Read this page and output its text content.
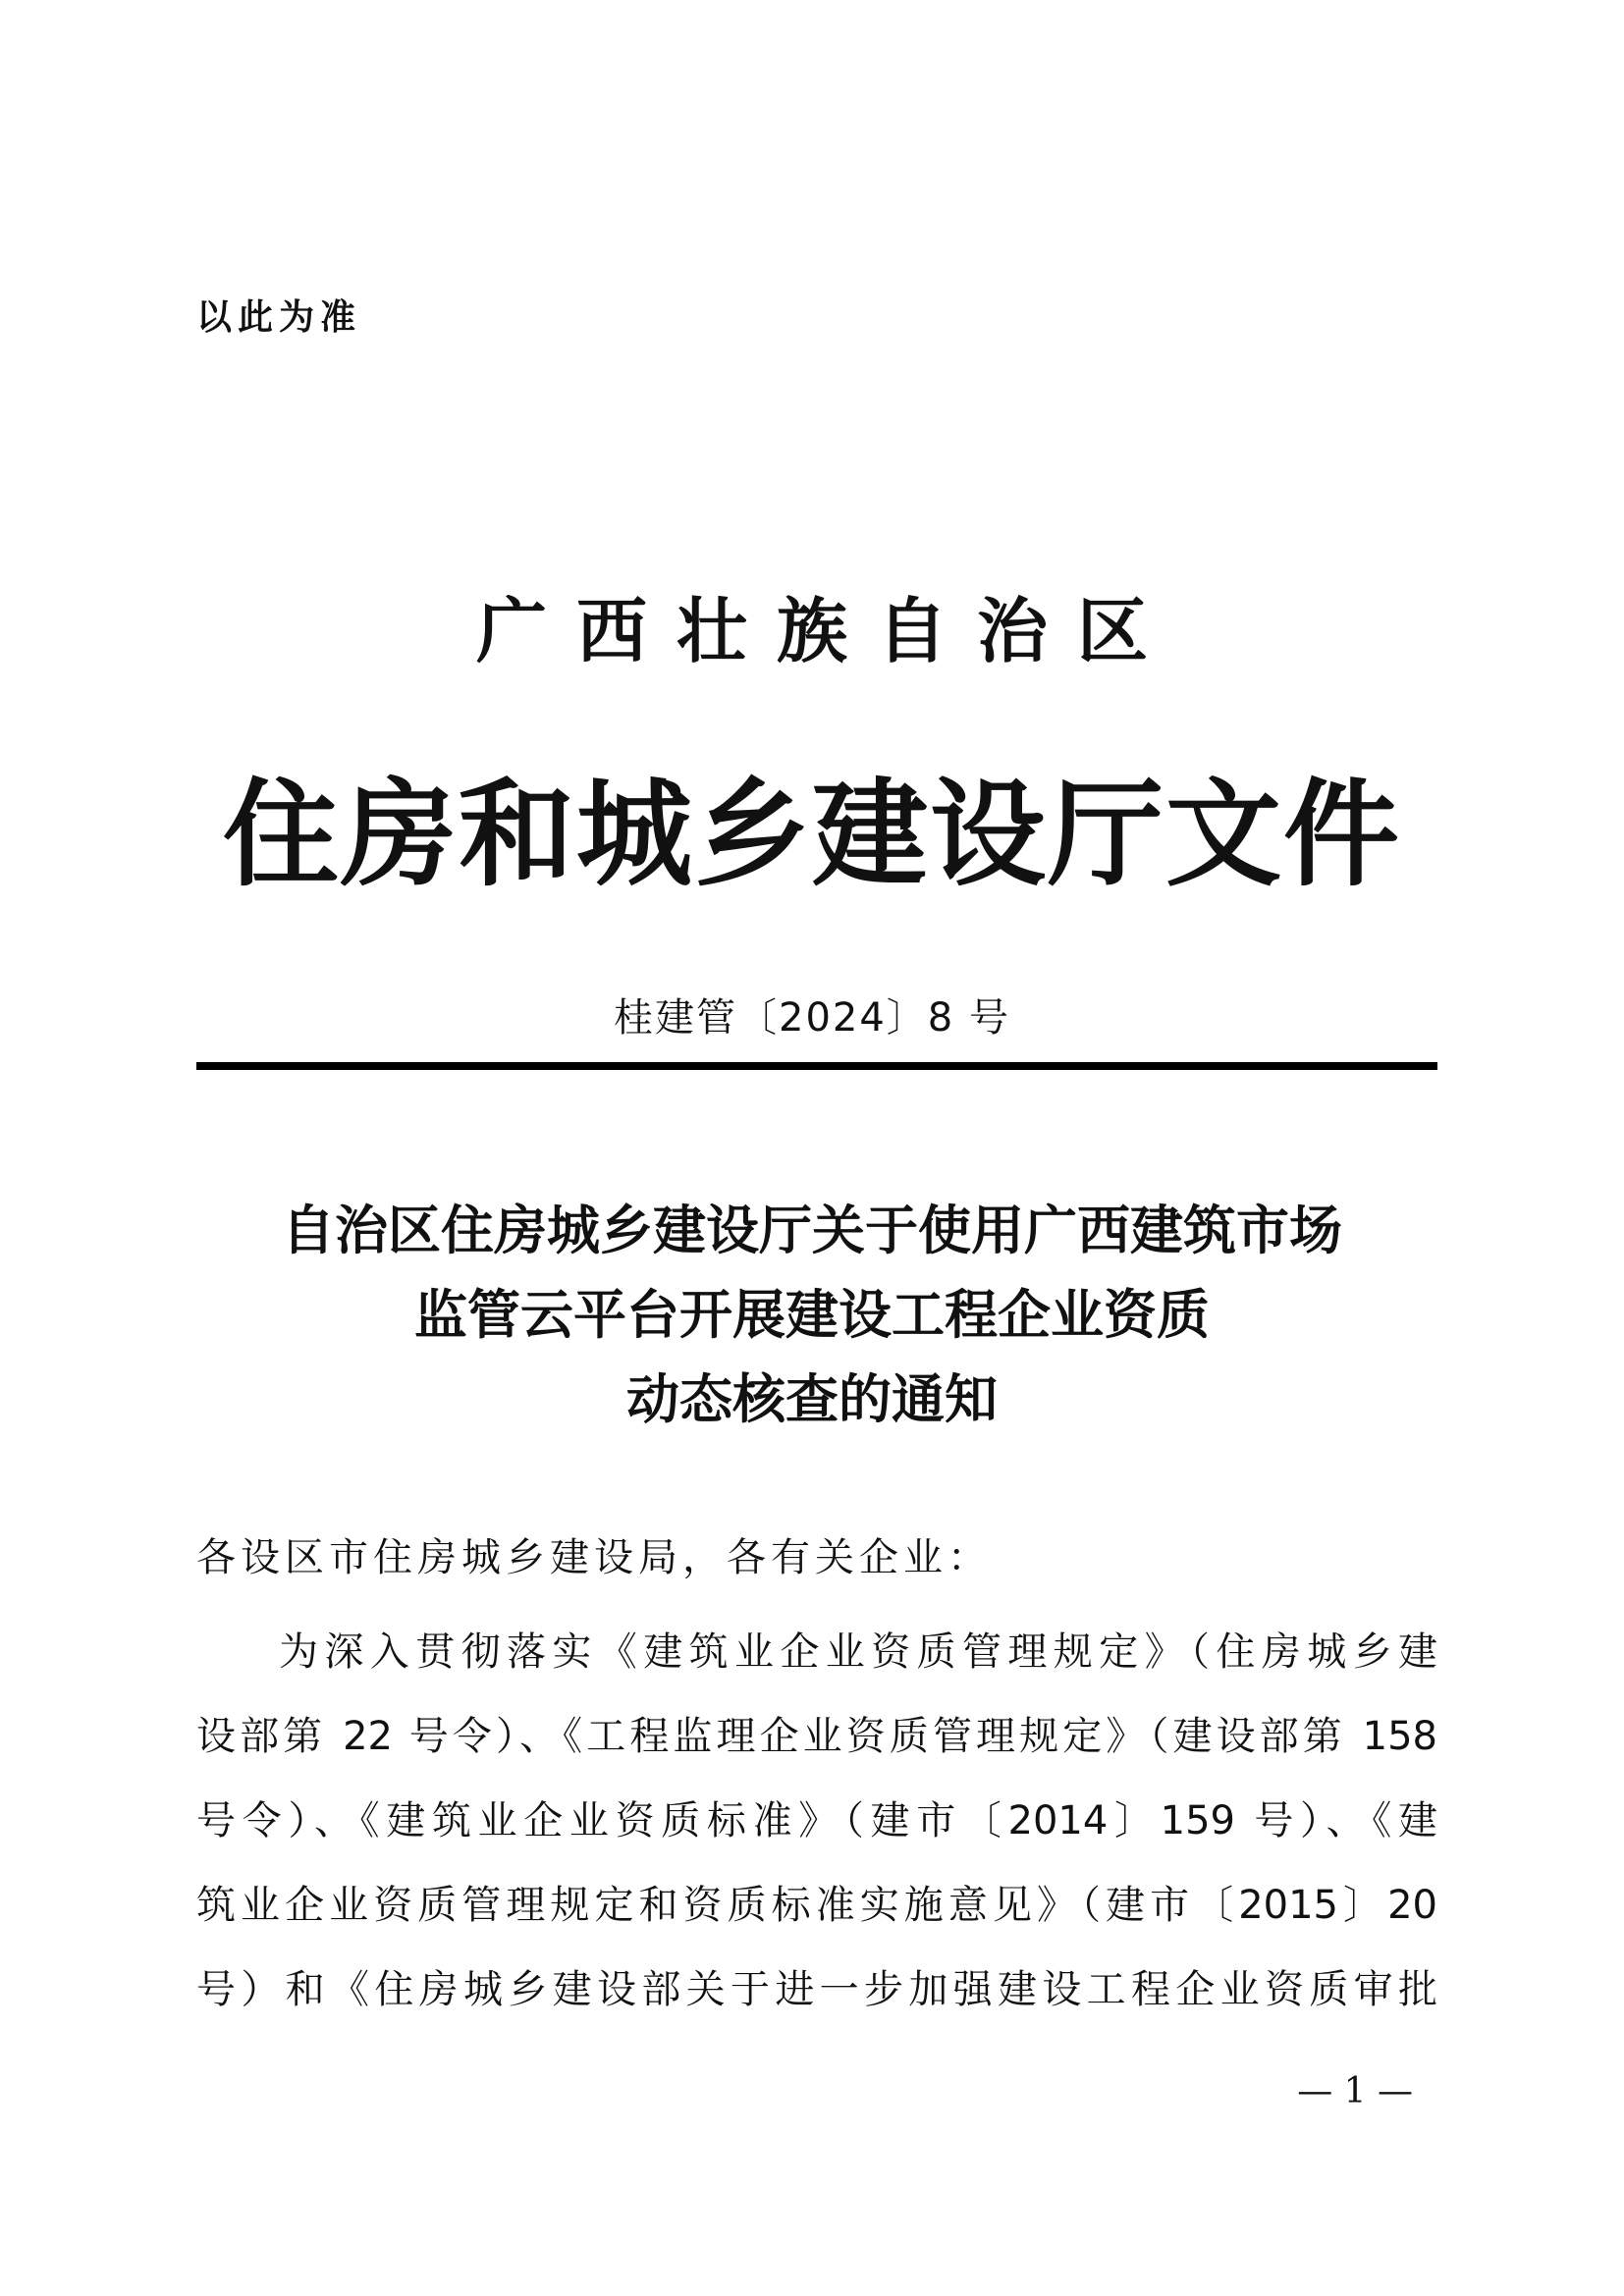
以此为准
广西壮族自治区
住房和城乡建设厅文件
桂建管〔2024〕8 号
自治区住房城乡建设厅关于使用广西建筑市场
监管云平台开展建设工程企业资质
动态核查的通知
各设区市住房城乡建设局，各有关企业：
为深入贯彻落实《建筑业企业资质管理规定》（住房城乡建
设部第 22 号令）、《工程监理企业资质管理规定》（建设部第 158
号令）、《建筑业企业资质标准》（建市〔2014〕159 号）、《建
筑业企业资质管理规定和资质标准实施意见》（建市〔2015〕20
号）和《住房城乡建设部关于进一步加强建设工程企业资质审批
— 1 —
